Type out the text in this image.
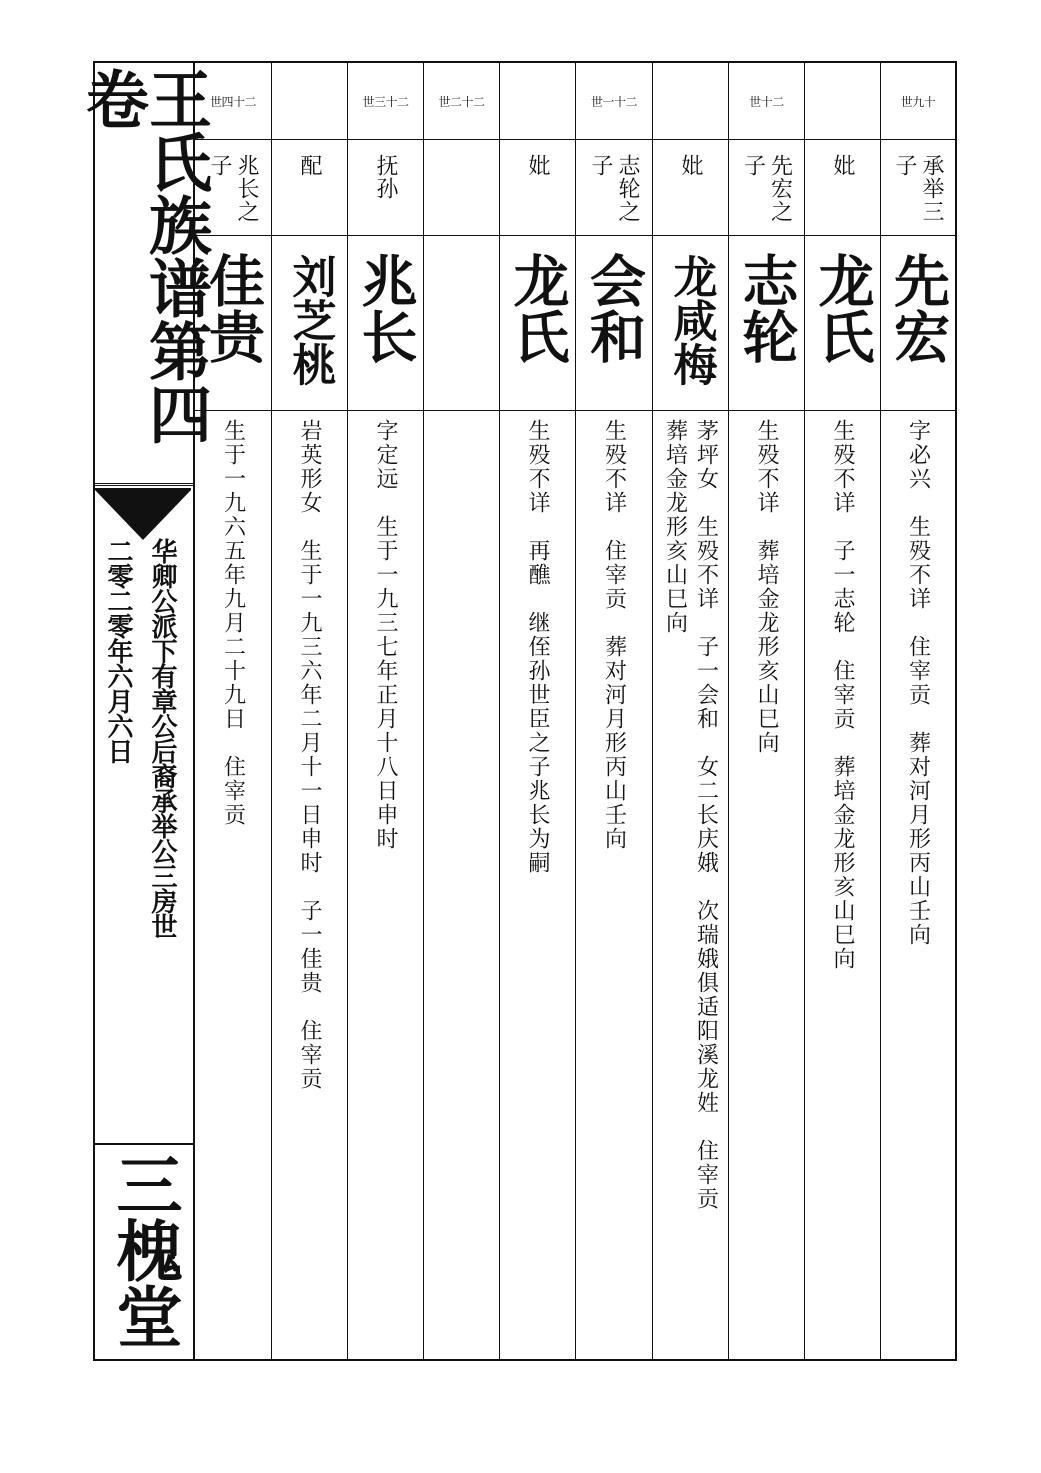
王氏族谱第四卷
华卿公派下有章公后裔承举公三房世
二零二零年六月六日
三槐堂
世四十二
兆长之子
佳贵
生于一九六五年九月二十九日　住宰贡
配
刘芝桃
岩英形女　生于一九三六年二月十一日申时　子一佳贵　住宰贡
世三十二
抚孙
兆长
字定远　生于一九三七年正月十八日申时
世二十二
妣
龙氏
生殁不详　再醮　继侄孙世臣之子兆长为嗣
世一十二
志轮之子
会和
生殁不详　住宰贡　葬对河月形丙山壬向
妣
龙咸梅
茅坪女　生殁不详　子一会和　女二长庆娥　次瑞娥俱适阳溪龙姓　住宰贡
葬培金龙形亥山巳向
世十二
先宏之子
志轮
生殁不详　葬培金龙形亥山巳向
妣
龙氏
生殁不详　子一志轮　住宰贡　葬培金龙形亥山巳向
世九十
承举三子
先宏
字必兴　生殁不详　住宰贡　葬对河月形丙山壬向
